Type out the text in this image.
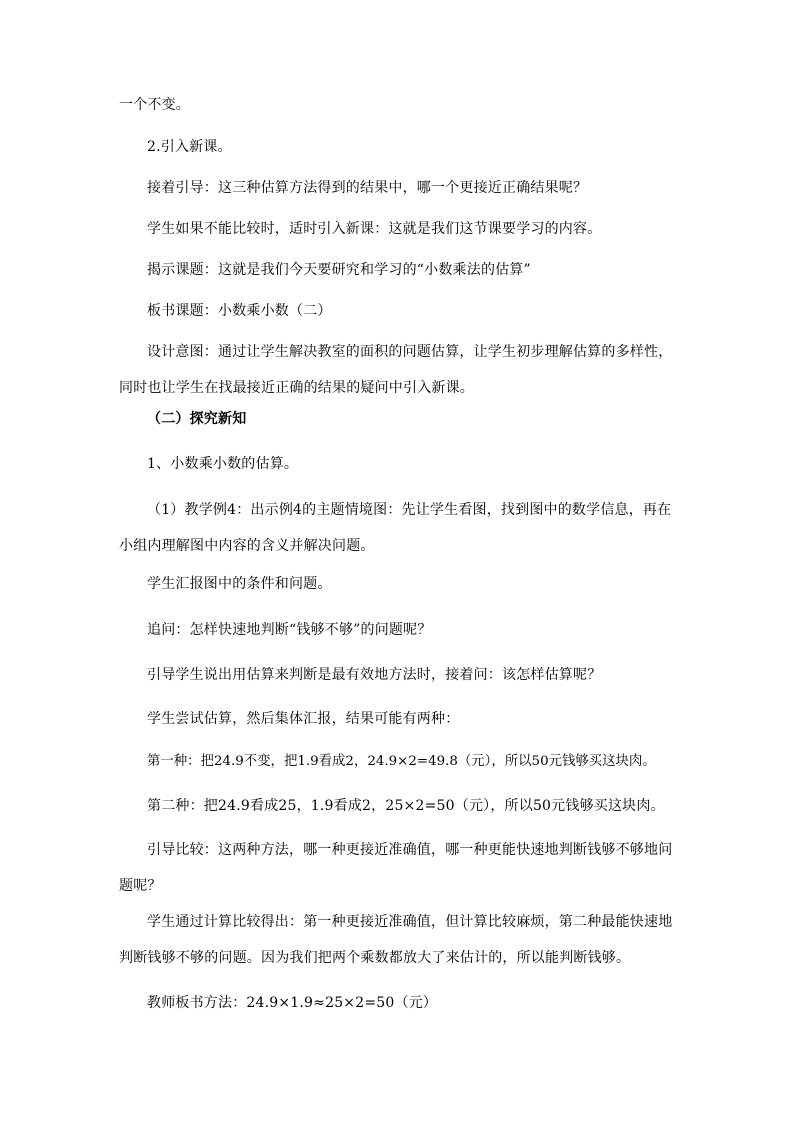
一个不变。
2.引入新课。
接着引导：这三种估算方法得到的结果中，哪一个更接近正确结果呢？
学生如果不能比较时，适时引入新课：这就是我们这节课要学习的内容。
揭示课题：这就是我们今天要研究和学习的“小数乘法的估算”
板书课题：小数乘小数（二）
设计意图：通过让学生解决教室的面积的问题估算，让学生初步理解估算的多样性，同时也让学生在找最接近正确的结果的疑问中引入新课。
（二）探究新知
1、小数乘小数的估算。
（1）教学例4：出示例4的主题情境图：先让学生看图，找到图中的数学信息，再在小组内理解图中内容的含义并解决问题。
学生汇报图中的条件和问题。
追问：怎样快速地判断“钱够不够”的问题呢？
引导学生说出用估算来判断是最有效地方法时，接着问：该怎样估算呢？
学生尝试估算，然后集体汇报，结果可能有两种：
第一种：把24.9不变，把1.9看成2，24.9×2=49.8（元），所以50元钱够买这块肉。
第二种：把24.9看成25，1.9看成2，25×2=50（元），所以50元钱够买这块肉。
引导比较：这两种方法，哪一种更接近准确值，哪一种更能快速地判断钱够不够地问题呢？
学生通过计算比较得出：第一种更接近准确值，但计算比较麻烦，第二种最能快速地判断钱够不够的问题。因为我们把两个乘数都放大了来估计的，所以能判断钱够。
教师板书方法：24.9×1.9≈25×2=50（元）
